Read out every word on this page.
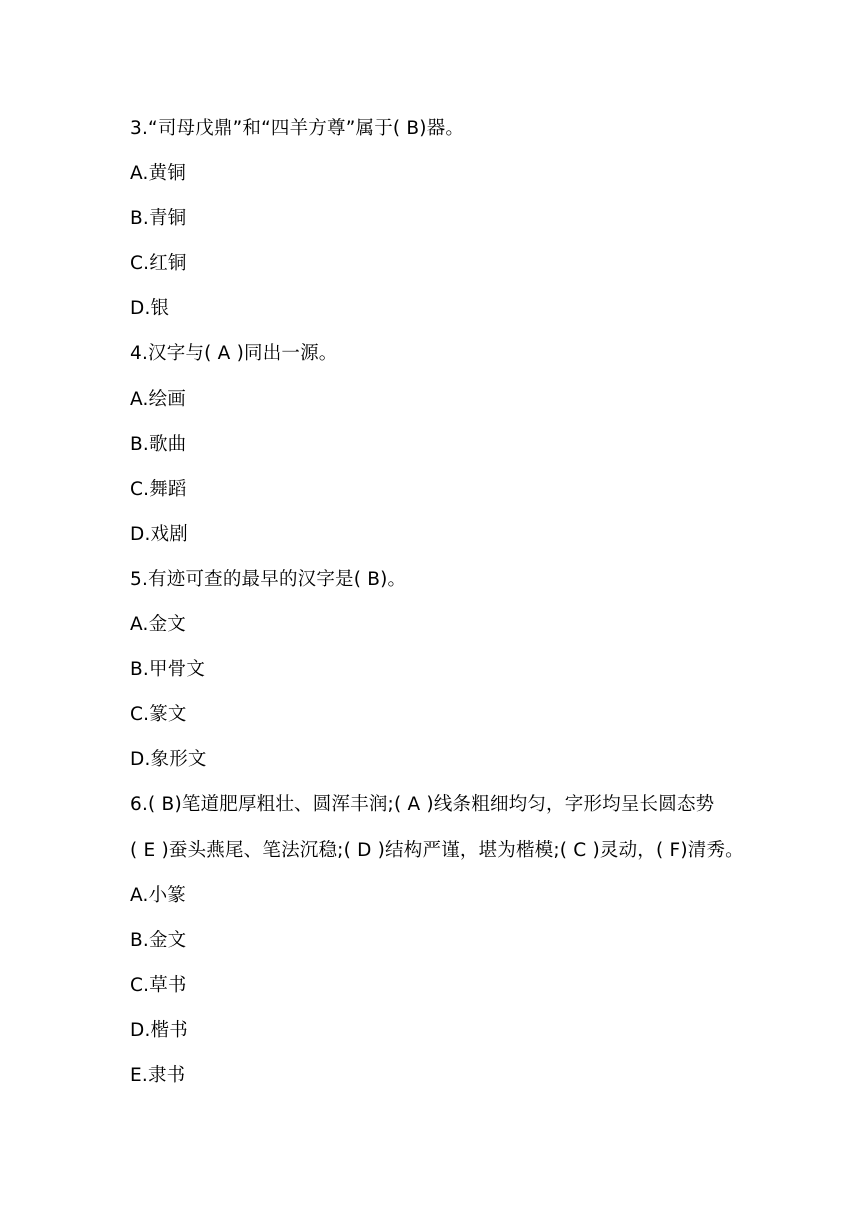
3.“司母戊鼎”和“四羊方尊”属于( B)器。
A.黄铜
B.青铜
C.红铜
D.银
4.汉字与( A )同出一源。
A.绘画
B.歌曲
C.舞蹈
D.戏剧
5.有迹可查的最早的汉字是( B)。
A.金文
B.甲骨文
C.篆文
D.象形文
6.( B)笔道肥厚粗壮、圆浑丰润;( A )线条粗细均匀，字形均呈长圆态势
( E )蚕头燕尾、笔法沉稳;( D )结构严谨，堪为楷模;( C )灵动，( F)清秀。
A.小篆
B.金文
C.草书
D.楷书
E.隶书
